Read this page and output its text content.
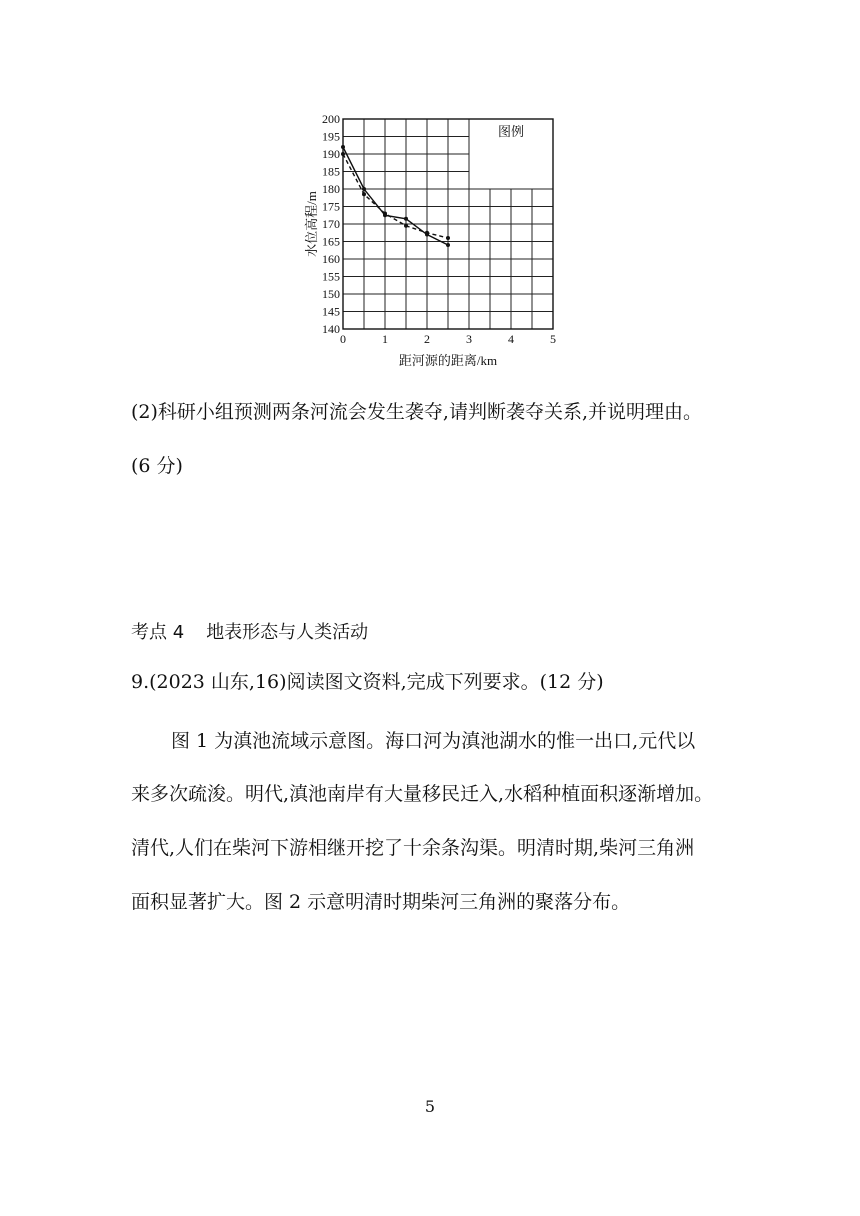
140
145
150
155
160
165
170
175
180
185
190
195
200
0	1	2	3	4	5
图例
距河源的距离/km
水位高程/m
(2)科研小组预测两条河流会发生袭夺,请判断袭夺关系,并说明理由。
(6 分)
考点 4 地表形态与人类活动
9.(2023 山东,16)阅读图文资料,完成下列要求。(12 分)
图 1 为滇池流域示意图。海口河为滇池湖水的惟一出口,元代以
来多次疏浚。明代,滇池南岸有大量移民迁入,水稻种植面积逐渐增加。
清代,人们在柴河下游相继开挖了十余条沟渠。明清时期,柴河三角洲
面积显著扩大。图 2 示意明清时期柴河三角洲的聚落分布。
5
